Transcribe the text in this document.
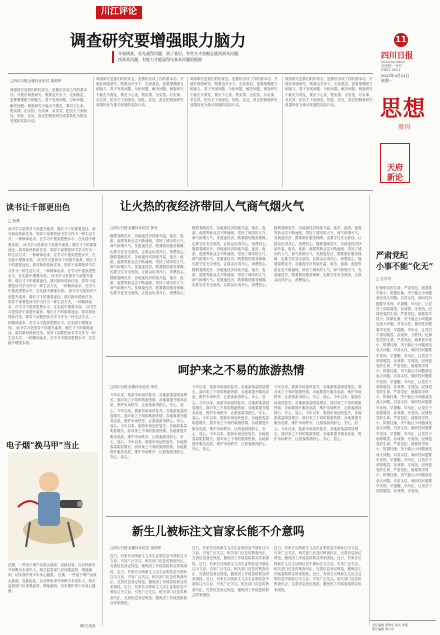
川江评论
调查研究要增强眼力脑力
开展调查，首先就得问题，到了基层，有些方才放眼去就找到具问题；
找到具问题，有能力才能说得这基本问题的根源
11
四川日报
SICHUAN RIBAO
全国统一刊号
CN51-0001
2023年4月24日
星期一
思想
周刊

天府
新论

□四川日报全媒体评论员 周明华
调查研究是我们的传家宝，是做好各项工作的基本功。开展好调查研究，既要迈开步子、走到基层，更要增强眼力和脑力，善于发现问题、分析问题、解决问题。调查研究不能走马观花，要沉下心来，察实情、出实招、办实事、求实效，把功夫下到深处、细处、实处，真正把调查研究成果转化为推动发展的实际行动。
调查研究是我们的传家宝，是做好各项工作的基本功。开展好调查研究，既要迈开步子、走到基层，更要增强眼力和脑力，善于发现问题、分析问题、解决问题。调查研究不能走马观花，要沉下心来，察实情、出实招、办实事、求实效，把功夫下到深处、细处、实处，真正把调查研究成果转化为推动发展的实际行动。
调查研究是我们的传家宝，是做好各项工作的基本功。开展好调查研究，既要迈开步子、走到基层，更要增强眼力和脑力，善于发现问题、分析问题、解决问题。调查研究不能走马观花，要沉下心来，察实情、出实招、办实事、求实效，把功夫下到深处、细处、实处，真正把调查研究成果转化为推动发展的实际行动。
调查研究是我们的传家宝，是做好各项工作的基本功。开展好调查研究，既要迈开步子、走到基层，更要增强眼力和脑力，善于发现问题、分析问题、解决问题。调查研究不能走马观花，要沉下心来，察实情、出实招、办实事、求实效，把功夫下到深处、细处、实处，真正把调查研究成果转化为推动发展的实际行动。
读书让千部更出色
□ 何勇
读书学习是领导干部提升素养、增长才干的重要途径。面对新形势新任务，领导干部要把读书学习作为一种生活方式、一种精神追求，在学习中提高思想水平，在实践中增强本领。 读书学习是领导干部提升素养、增长才干的重要途径。面对新形势新任务，领导干部要把读书学习作为一种生活方式、一种精神追求，在学习中提高思想水平，在实践中增强本领。 读书学习是领导干部提升素养、增长才干的重要途径。面对新形势新任务，领导干部要把读书学习作为一种生活方式、一种精神追求，在学习中提高思想水平，在实践中增强本领。 读书学习是领导干部提升素养、增长才干的重要途径。面对新形势新任务，领导干部要把读书学习作为一种生活方式、一种精神追求，在学习中提高思想水平，在实践中增强本领。 读书学习是领导干部提升素养、增长才干的重要途径。面对新形势新任务，领导干部要把读书学习作为一种生活方式、一种精神追求，在学习中提高思想水平，在实践中增强本领。 读书学习是领导干部提升素养、增长才干的重要途径。面对新形势新任务，领导干部要把读书学习作为一种生活方式、一种精神追求，在学习中提高思想水平，在实践中增强本领。 读书学习是领导干部提升素养、增长才干的重要途径。面对新形势新任务，领导干部要把读书学习作为一种生活方式、一种精神追求，在学习中提高思想水平，在实践中增强本领。
电子烟“换马甲”当止
近期，一些电子烟产品改头换面、变换包装，以各种新奇外形吸引未成年人，相关监管部门应加强监管、堵塞漏洞，切实保护青少年身心健康。 近期，一些电子烟产品改头换面、变换包装，以各种新奇外形吸引未成年人，相关监管部门应加强监管、堵塞漏洞，切实保护青少年身心健康。
图/王成喜
让火热的夜经济带回人气商气烟火气
□四川日报全媒体评论员 鲁长
随着春暖花开，各地夜经济持续升温，夜市、夜游、夜娱等新业态不断涌现，带回了城市的人气、商气和烟火气。发展夜经济，既要做好服务保障，也要守住安全底线，让群众玩得开心、消费放心。随着春暖花开，各地夜经济持续升温，夜市、夜游、夜娱等新业态不断涌现，带回了城市的人气、商气和烟火气。发展夜经济，既要做好服务保障，也要守住安全底线，让群众玩得开心、消费放心。随着春暖花开，各地夜经济持续升温，夜市、夜游、夜娱等新业态不断涌现，带回了城市的人气、商气和烟火气。发展夜经济，既要做好服务保障，也要守住安全底线，让群众玩得开心、消费放心。
随着春暖花开，各地夜经济持续升温，夜市、夜游、夜娱等新业态不断涌现，带回了城市的人气、商气和烟火气。发展夜经济，既要做好服务保障，也要守住安全底线，让群众玩得开心、消费放心。随着春暖花开，各地夜经济持续升温，夜市、夜游、夜娱等新业态不断涌现，带回了城市的人气、商气和烟火气。发展夜经济，既要做好服务保障，也要守住安全底线，让群众玩得开心、消费放心。随着春暖花开，各地夜经济持续升温，夜市、夜游、夜娱等新业态不断涌现，带回了城市的人气、商气和烟火气。发展夜经济，既要做好服务保障，也要守住安全底线，让群众玩得开心、消费放心。
随着春暖花开，各地夜经济持续升温，夜市、夜游、夜娱等新业态不断涌现，带回了城市的人气、商气和烟火气。发展夜经济，既要做好服务保障，也要守住安全底线，让群众玩得开心、消费放心。随着春暖花开，各地夜经济持续升温，夜市、夜游、夜娱等新业态不断涌现，带回了城市的人气、商气和烟火气。发展夜经济，既要做好服务保障，也要守住安全底线，让群众玩得开心、消费放心。随着春暖花开，各地夜经济持续升温，夜市、夜游、夜娱等新业态不断涌现，带回了城市的人气、商气和烟火气。发展夜经济，既要做好服务保障，也要守住安全底线，让群众玩得开心、消费放心。
呵护来之不易的旅游热情
□四川日报全媒体评论员 李杰
今年以来，旅游市场加快复苏，各地游客量明显增长。面对来之不易的旅游热情，各地要提升服务品质，维护市场秩序，让游客游得舒心、安心、放心。今年以来，旅游市场加快复苏，各地游客量明显增长。面对来之不易的旅游热情，各地要提升服务品质，维护市场秩序，让游客游得舒心、安心、放心。今年以来，旅游市场加快复苏，各地游客量明显增长。面对来之不易的旅游热情，各地要提升服务品质，维护市场秩序，让游客游得舒心、安心、放心。今年以来，旅游市场加快复苏，各地游客量明显增长。面对来之不易的旅游热情，各地要提升服务品质，维护市场秩序，让游客游得舒心、安心、放心。
今年以来，旅游市场加快复苏，各地游客量明显增长。面对来之不易的旅游热情，各地要提升服务品质，维护市场秩序，让游客游得舒心、安心、放心。今年以来，旅游市场加快复苏，各地游客量明显增长。面对来之不易的旅游热情，各地要提升服务品质，维护市场秩序，让游客游得舒心、安心、放心。今年以来，旅游市场加快复苏，各地游客量明显增长。面对来之不易的旅游热情，各地要提升服务品质，维护市场秩序，让游客游得舒心、安心、放心。今年以来，旅游市场加快复苏，各地游客量明显增长。面对来之不易的旅游热情，各地要提升服务品质，维护市场秩序，让游客游得舒心、安心、放心。
今年以来，旅游市场加快复苏，各地游客量明显增长。面对来之不易的旅游热情，各地要提升服务品质，维护市场秩序，让游客游得舒心、安心、放心。今年以来，旅游市场加快复苏，各地游客量明显增长。面对来之不易的旅游热情，各地要提升服务品质，维护市场秩序，让游客游得舒心、安心、放心。今年以来，旅游市场加快复苏，各地游客量明显增长。面对来之不易的旅游热情，各地要提升服务品质，维护市场秩序，让游客游得舒心、安心、放心。今年以来，旅游市场加快复苏，各地游客量明显增长。面对来之不易的旅游热情，各地要提升服务品质，维护市场秩序，让游客游得舒心、安心、放心。
新生儿被标注文盲家长能不介意吗
□四川日报全媒体评论员 周明华
近日，有家长反映新生儿出生证明信息中被标注为文盲，引发广泛关注。相关部门应及时核查纠正，完善信息登记规范，避免因工作疏忽给群众带来困扰。近日，有家长反映新生儿出生证明信息中被标注为文盲，引发广泛关注。相关部门应及时核查纠正，完善信息登记规范，避免因工作疏忽给群众带来困扰。近日，有家长反映新生儿出生证明信息中被标注为文盲，引发广泛关注。相关部门应及时核查纠正，完善信息登记规范，避免因工作疏忽给群众带来困扰。
近日，有家长反映新生儿出生证明信息中被标注为文盲，引发广泛关注。相关部门应及时核查纠正，完善信息登记规范，避免因工作疏忽给群众带来困扰。近日，有家长反映新生儿出生证明信息中被标注为文盲，引发广泛关注。相关部门应及时核查纠正，完善信息登记规范，避免因工作疏忽给群众带来困扰。近日，有家长反映新生儿出生证明信息中被标注为文盲，引发广泛关注。相关部门应及时核查纠正，完善信息登记规范，避免因工作疏忽给群众带来困扰。
近日，有家长反映新生儿出生证明信息中被标注为文盲，引发广泛关注。相关部门应及时核查纠正，完善信息登记规范，避免因工作疏忽给群众带来困扰。近日，有家长反映新生儿出生证明信息中被标注为文盲，引发广泛关注。相关部门应及时核查纠正，完善信息登记规范，避免因工作疏忽给群众带来困扰。近日，有家长反映新生儿出生证明信息中被标注为文盲，引发广泛关注。相关部门应及时核查纠正，完善信息登记规范，避免因工作疏忽给群众带来困扰。
严肃党纪
小事不能“化无”
□ 江作苏
纪律是党的生命。严肃党纪，就要抓早抓小、防微杜渐，决不能让小问题演变成大问题。对苗头性、倾向性问题要早发现、早提醒、早纠正，让党员干部知敬畏、存戒惧、守底线。纪律是党的生命。严肃党纪，就要抓早抓小、防微杜渐，决不能让小问题演变成大问题。对苗头性、倾向性问题要早发现、早提醒、早纠正，让党员干部知敬畏、存戒惧、守底线。纪律是党的生命。严肃党纪，就要抓早抓小、防微杜渐，决不能让小问题演变成大问题。对苗头性、倾向性问题要早发现、早提醒、早纠正，让党员干部知敬畏、存戒惧、守底线。纪律是党的生命。严肃党纪，就要抓早抓小、防微杜渐，决不能让小问题演变成大问题。对苗头性、倾向性问题要早发现、早提醒、早纠正，让党员干部知敬畏、存戒惧、守底线。纪律是党的生命。严肃党纪，就要抓早抓小、防微杜渐，决不能让小问题演变成大问题。对苗头性、倾向性问题要早发现、早提醒、早纠正，让党员干部知敬畏、存戒惧、守底线。纪律是党的生命。严肃党纪，就要抓早抓小、防微杜渐，决不能让小问题演变成大问题。对苗头性、倾向性问题要早发现、早提醒、早纠正，让党员干部知敬畏、存戒惧、守底线。纪律是党的生命。严肃党纪，就要抓早抓小、防微杜渐，决不能让小问题演变成大问题。对苗头性、倾向性问题要早发现、早提醒、早纠正，让党员干部知敬畏、存戒惧、守底线。纪律是党的生命。严肃党纪，就要抓早抓小、防微杜渐，决不能让小问题演变成大问题。对苗头性、倾向性问题要早发现、早提醒、早纠正，让党员干部知敬畏、存戒惧、守底线。
责任编辑 周明华 版式 周翔
照片编辑 周少华
